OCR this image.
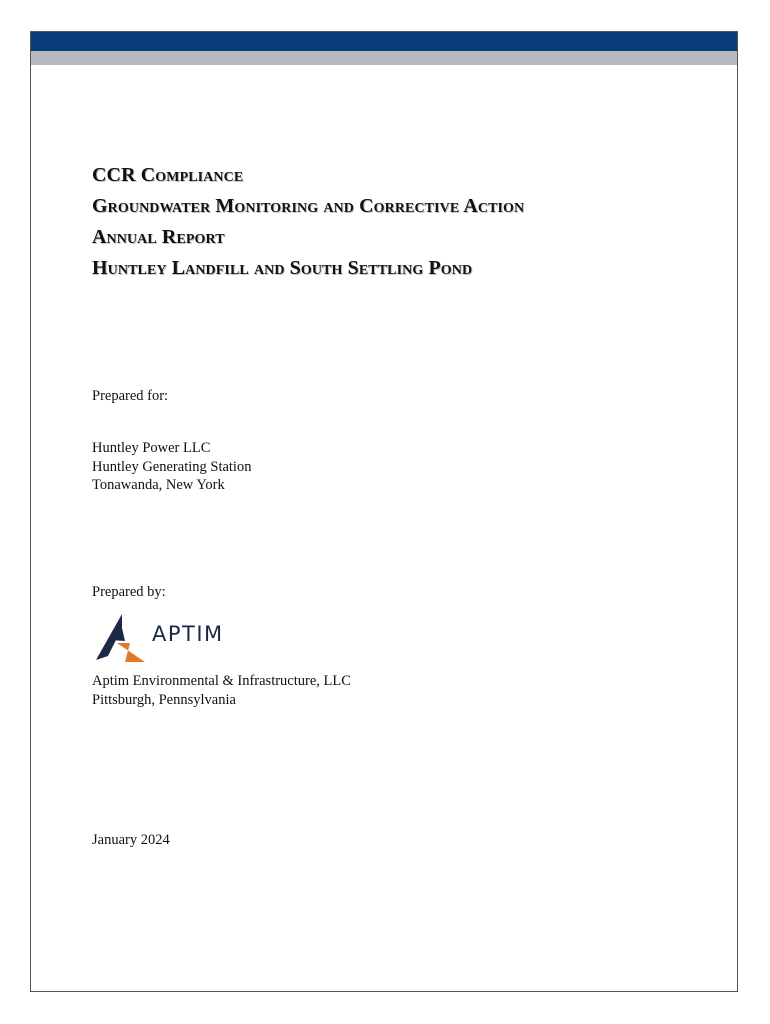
CCR Compliance
Groundwater Monitoring and Corrective Action
Annual Report
Huntley Landfill and South Settling Pond
Prepared for:
Huntley Power LLC
Huntley Generating Station
Tonawanda, New York
Prepared by:
APTIM
Aptim Environmental & Infrastructure, LLC
Pittsburgh, Pennsylvania
January 2024
